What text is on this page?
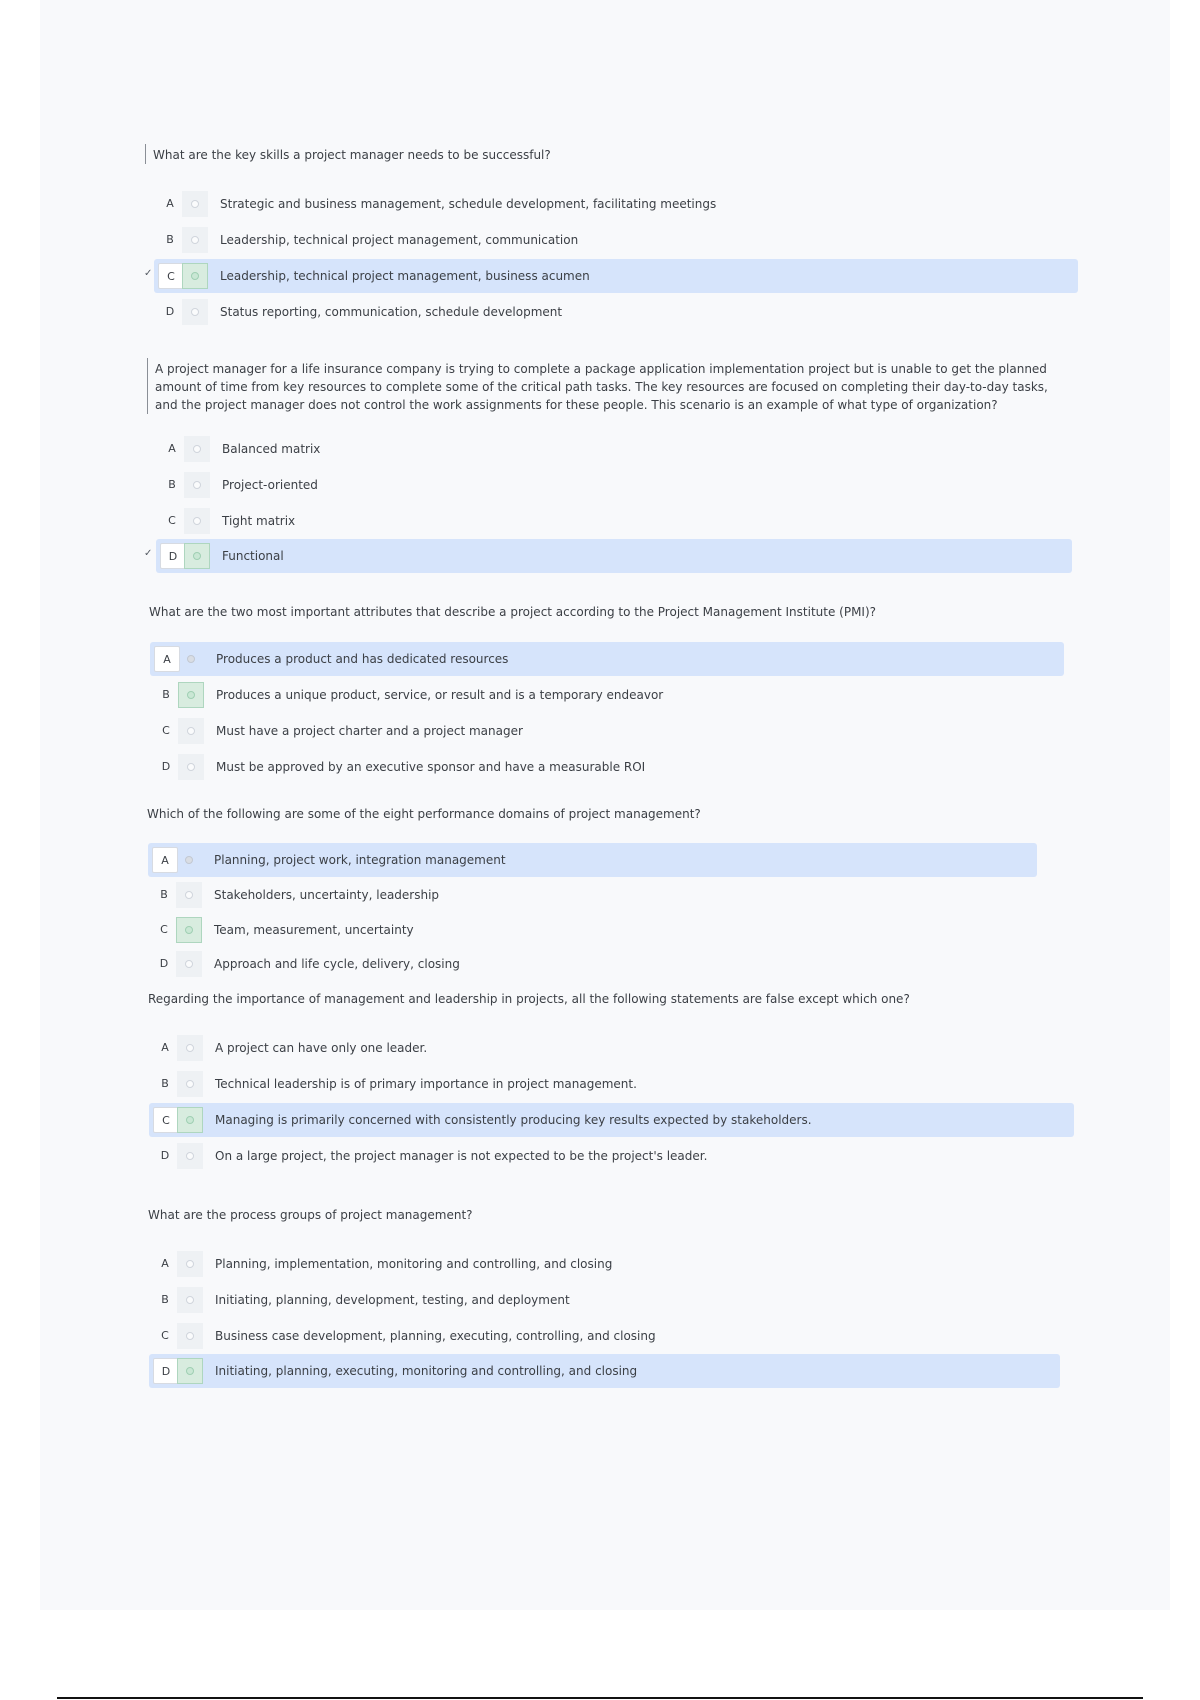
What are the key skills a project manager needs to be successful?
A	Strategic and business management, schedule development, facilitating meetings
B	Leadership, technical project management, communication
C	Leadership, technical project management, business acumen
D	Status reporting, communication, schedule development
✓
A project manager for a life insurance company is trying to complete a package application implementation project but is unable to get the planned amount of time from key resources to complete some of the critical path tasks. The key resources are focused on completing their day-to-day tasks, and the project manager does not control the work assignments for these people. This scenario is an example of what type of organization?
A	Balanced matrix
B	Project-oriented
C	Tight matrix
D	Functional
✓
What are the two most important attributes that describe a project according to the Project Management Institute (PMI)?
A	Produces a product and has dedicated resources
B	Produces a unique product, service, or result and is a temporary endeavor
C	Must have a project charter and a project manager
D	Must be approved by an executive sponsor and have a measurable ROI
Which of the following are some of the eight performance domains of project management?
A	Planning, project work, integration management
B	Stakeholders, uncertainty, leadership
C	Team, measurement, uncertainty
D	Approach and life cycle, delivery, closing
Regarding the importance of management and leadership in projects, all the following statements are false except which one?
A	A project can have only one leader.
B	Technical leadership is of primary importance in project management.
C	Managing is primarily concerned with consistently producing key results expected by stakeholders.
D	On a large project, the project manager is not expected to be the project's leader.
What are the process groups of project management?
A	Planning, implementation, monitoring and controlling, and closing
B	Initiating, planning, development, testing, and deployment
C	Business case development, planning, executing, controlling, and closing
D	Initiating, planning, executing, monitoring and controlling, and closing
